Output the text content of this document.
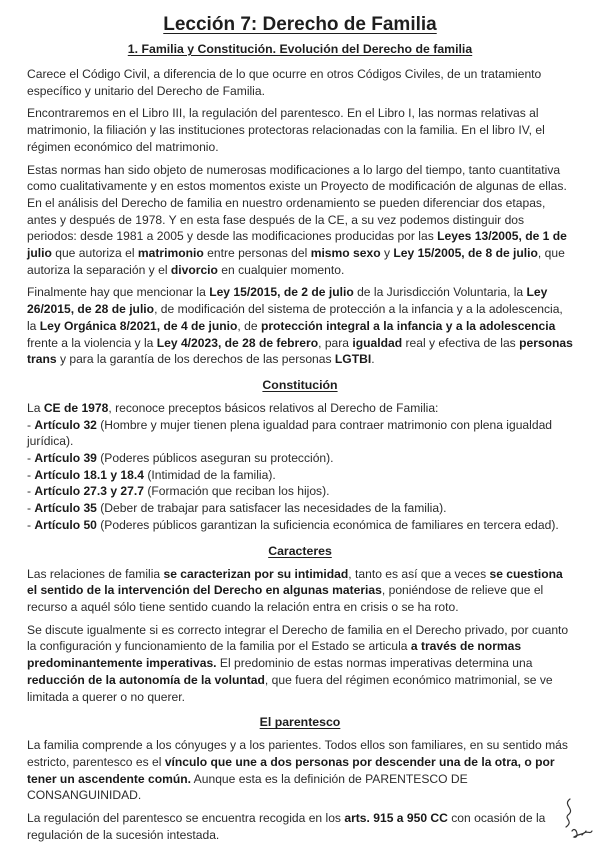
Lección 7: Derecho de Familia
1. Familia y Constitución. Evolución del Derecho de familia

Carece el Código Civil, a diferencia de lo que ocurre en otros Códigos Civiles, de un tratamiento específico y unitario del Derecho de Familia.

Encontraremos en el Libro III, la regulación del parentesco. En el Libro I, las normas relativas al matrimonio, la filiación y las instituciones protectoras relacionadas con la familia. En el libro IV, el régimen económico del matrimonio.

Estas normas han sido objeto de numerosas modificaciones a lo largo del tiempo, tanto cuantitativa como cualitativamente y en estos momentos existe un Proyecto de modificación de algunas de ellas.

En el análisis del Derecho de familia en nuestro ordenamiento se pueden diferenciar dos etapas, antes y después de 1978. Y en esta fase después de la CE, a su vez podemos distinguir dos periodos: desde 1981 a 2005 y desde las modificaciones producidas por las Leyes 13/2005, de 1 de julio que autoriza el matrimonio entre personas del mismo sexo y Ley 15/2005, de 8 de julio, que autoriza la separación y el divorcio en cualquier momento.

Finalmente hay que mencionar la Ley 15/2015, de 2 de julio de la Jurisdicción Voluntaria, la Ley 26/2015, de 28 de julio, de modificación del sistema de protección a la infancia y a la adolescencia, la Ley Orgánica 8/2021, de 4 de junio, de protección integral a la infancia y a la adolescencia frente a la violencia y la Ley 4/2023, de 28 de febrero, para igualdad real y efectiva de las personas trans y para la garantía de los derechos de las personas LGTBI.

Constitución

La CE de 1978, reconoce preceptos básicos relativos al Derecho de Familia:

- Artículo 32 (Hombre y mujer tienen plena igualdad para contraer matrimonio con plena igualdad jurídica).
- Artículo 39 (Poderes públicos aseguran su protección).
- Artículo 18.1 y 18.4 (Intimidad de la familia).
- Artículo 27.3 y 27.7 (Formación que reciban los hijos).
- Artículo 35 (Deber de trabajar para satisfacer las necesidades de la familia).
- Artículo 50 (Poderes públicos garantizan la suficiencia económica de familiares en tercera edad).
Caracteres

Las relaciones de familia se caracterizan por su intimidad, tanto es así que a veces se cuestiona el sentido de la intervención del Derecho en algunas materias, poniéndose de relieve que el recurso a aquél sólo tiene sentido cuando la relación entra en crisis o se ha roto.

Se discute igualmente si es correcto integrar el Derecho de familia en el Derecho privado, por cuanto la configuración y funcionamiento de la familia por el Estado se articula a través de normas predominantemente imperativas. El predominio de estas normas imperativas determina una reducción de la autonomía de la voluntad, que fuera del régimen económico matrimonial, se ve limitada a querer o no querer.

El parentesco

La familia comprende a los cónyuges y a los parientes. Todos ellos son familiares, en su sentido más estricto, parentesco es el vínculo que une a dos personas por descender una de la otra, o por tener un ascendente común. Aunque esta es la definición de PARENTESCO DE CONSANGUINIDAD.

La regulación del parentesco se encuentra recogida en los arts. 915 a 950 CC con ocasión de la regulación de la sucesión intestada.
